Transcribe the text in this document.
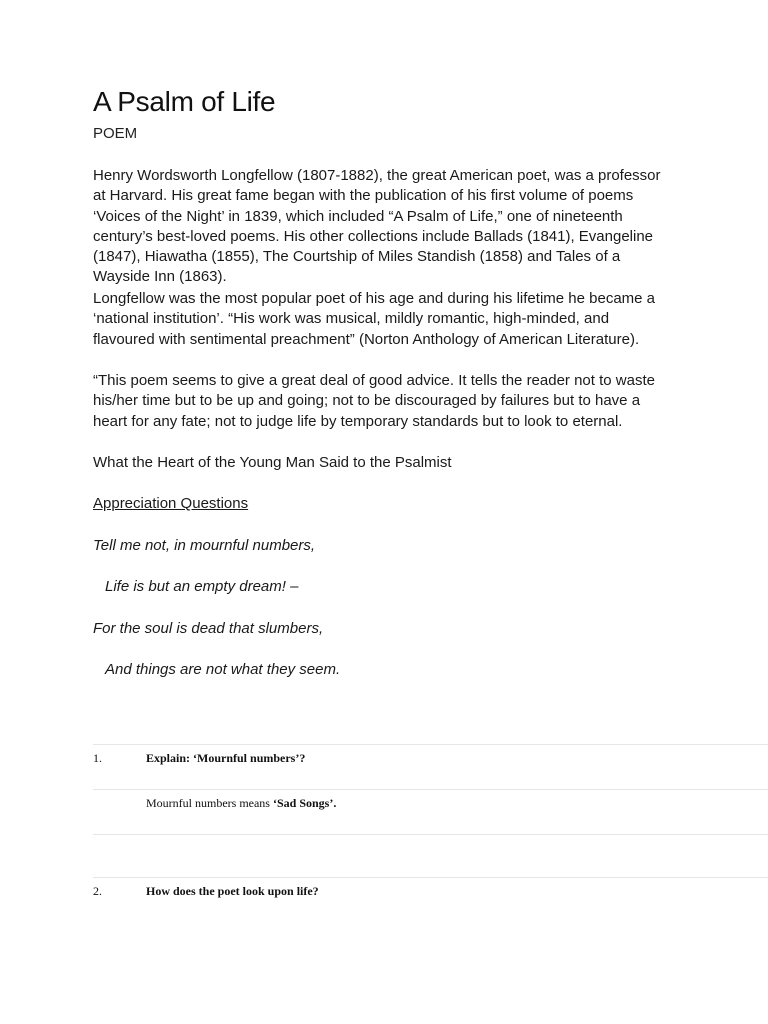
A Psalm of Life
POEM

Henry Wordsworth Longfellow (1807-1882), the great American poet, was a professor at Harvard. His great fame began with the publication of his first volume of poems ‘Voices of the Night’ in 1839, which included “A Psalm of Life,” one of nineteenth century’s best-loved poems. His other collections include Ballads (1841), Evangeline (1847), Hiawatha (1855), The Courtship of Miles Standish (1858) and Tales of a Wayside Inn (1863).

Longfellow was the most popular poet of his age and during his lifetime he became a ‘national institution’. “His work was musical, mildly romantic, high-minded, and flavoured with sentimental preachment” (Norton Anthology of American Literature).

“This poem seems to give a great deal of good advice. It tells the reader not to waste his/her time but to be up and going; not to be discouraged by failures but to have a heart for any fate; not to judge life by temporary standards but to look to eternal.

What the Heart of the Young Man Said to the Psalmist

Appreciation Questions
Tell me not, in mournful numbers,
Life is but an empty dream! –
For the soul is dead that slumbers,
And things are not what they seem.
1.	Explain: ‘Mournful numbers’?
Mournful numbers means ‘Sad Songs’.
2.	How does the poet look upon life?
